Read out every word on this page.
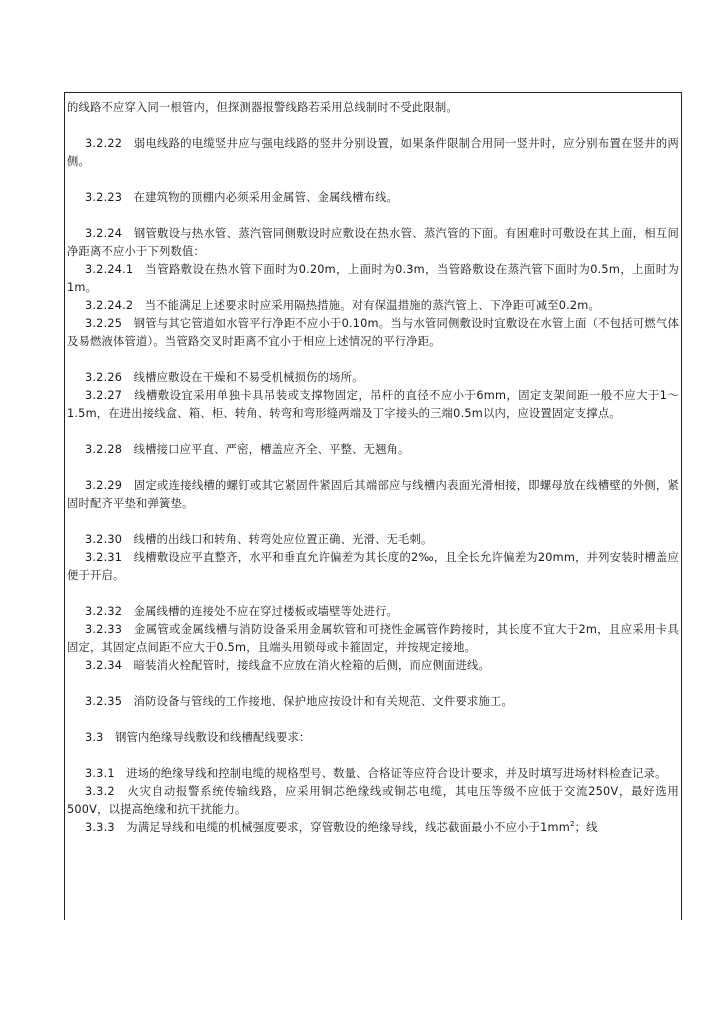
的线路不应穿入同一根管内，但探测器报警线路若采用总线制时不受此限制。

3.2.22　弱电线路的电缆竖井应与强电线路的竖井分别设置，如果条件限制合用同一竖井时，应分别布置在竖井的两侧。

3.2.23　在建筑物的顶棚内必须采用金属管、金属线槽布线。

3.2.24　钢管敷设与热水管、蒸汽管同侧敷设时应敷设在热水管、蒸汽管的下面。有困难时可敷设在其上面，相互间净距离不应小于下列数值：

3.2.24.1　当管路敷设在热水管下面时为0.20m，上面时为0.3m，当管路敷设在蒸汽管下面时为0.5m，上面时为1m。

3.2.24.2　当不能满足上述要求时应采用隔热措施。对有保温措施的蒸汽管上、下净距可减至0.2m。

3.2.25　钢管与其它管道如水管平行净距不应小于0.10m。当与水管同侧敷设时宜敷设在水管上面（不包括可燃气体及易燃液体管道）。当管路交叉时距离不宜小于相应上述情况的平行净距。

3.2.26　线槽应敷设在干燥和不易受机械损伤的场所。

3.2.27　线槽敷设宜采用单独卡具吊装或支撑物固定，吊杆的直径不应小于6mm，固定支架间距一般不应大于1～1.5m，在进出接线盒、箱、柜、转角、转弯和弯形缝两端及丁字接头的三端0.5m以内，应设置固定支撑点。

3.2.28　线槽接口应平直、严密，槽盖应齐全、平整、无翘角。

3.2.29　固定或连接线槽的螺钉或其它紧固件紧固后其端部应与线槽内表面光滑相接，即螺母放在线槽壁的外侧，紧固时配齐平垫和弹簧垫。

3.2.30　线槽的出线口和转角、转弯处应位置正确、光滑、无毛刺。

3.2.31　线槽敷设应平直整齐，水平和垂直允许偏差为其长度的2‰，且全长允许偏差为20mm，并列安装时槽盖应便于开启。

3.2.32　金属线槽的连接处不应在穿过楼板或墙壁等处进行。

3.2.33　金属管或金属线槽与消防设备采用金属软管和可挠性金属管作跨接时，其长度不宜大于2m，且应采用卡具固定，其固定点间距不应大于0.5m，且端头用锁母或卡箍固定，并按规定接地。

3.2.34　暗装消火栓配管时，接线盒不应放在消火栓箱的后侧，而应侧面进线。

3.2.35　消防设备与管线的工作接地、保护地应按设计和有关规范、文件要求施工。

3.3　钢管内绝缘导线敷设和线槽配线要求：

3.3.1　进场的绝缘导线和控制电缆的规格型号、数量、合格证等应符合设计要求，并及时填写进场材料检查记录。

3.3.2　火灾自动报警系统传输线路，应采用铜芯绝缘线或铜芯电缆，其电压等级不应低于交流250V，最好选用500V，以提高绝缘和抗干扰能力。

3.3.3　为满足导线和电缆的机械强度要求，穿管敷设的绝缘导线，线芯截面最小不应小于$1mm^2$；线
